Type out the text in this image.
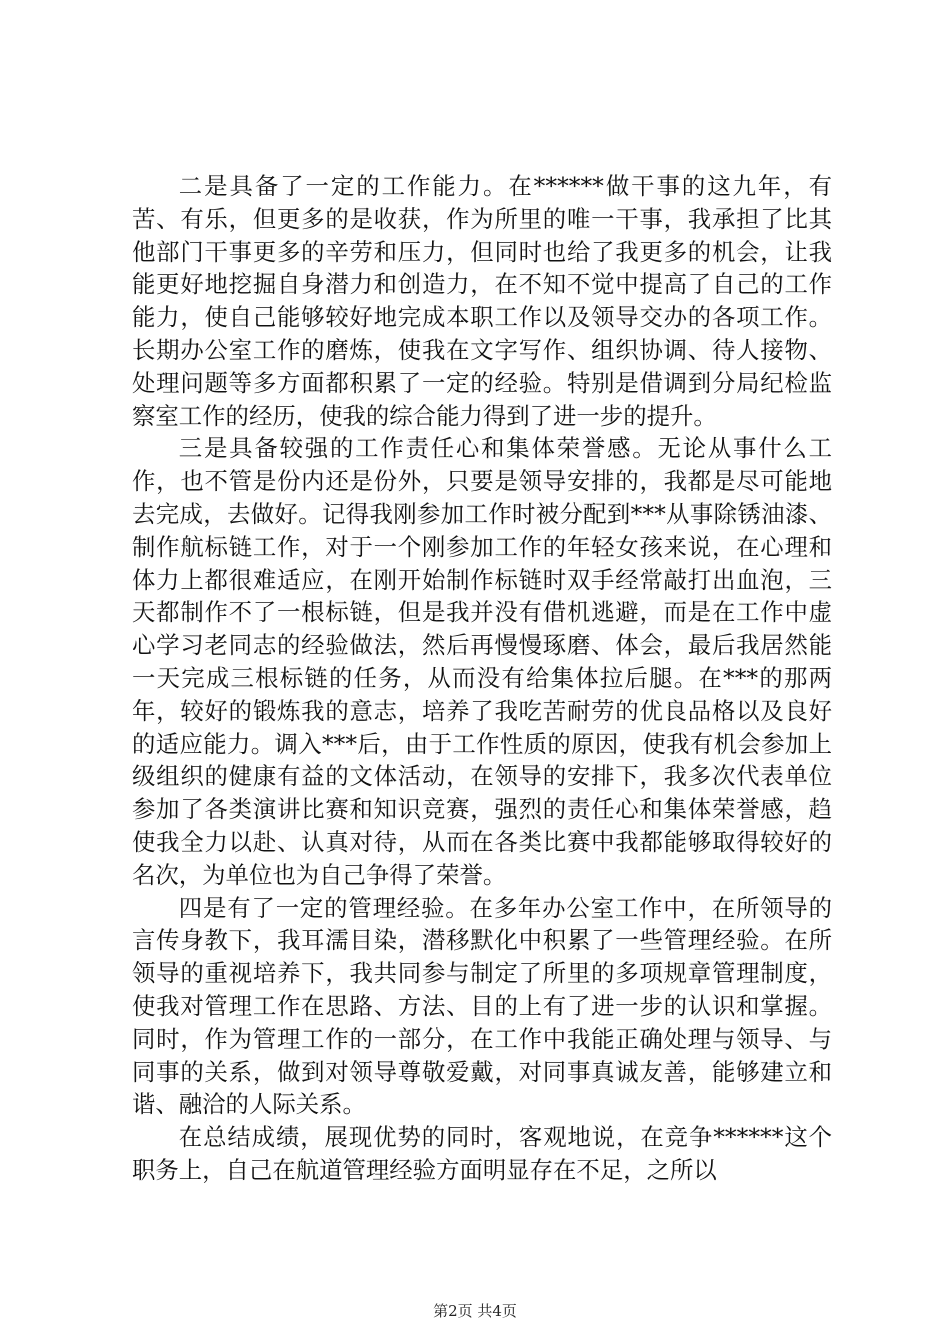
二是具备了一定的工作能力。在******做干事的这九年，有苦、有乐，但更多的是收获，作为所里的唯一干事，我承担了比其他部门干事更多的辛劳和压力，但同时也给了我更多的机会，让我能更好地挖掘自身潜力和创造力，在不知不觉中提高了自己的工作能力，使自己能够较好地完成本职工作以及领导交办的各项工作。长期办公室工作的磨炼，使我在文字写作、组织协调、待人接物、处理问题等多方面都积累了一定的经验。特别是借调到分局纪检监察室工作的经历，使我的综合能力得到了进一步的提升。

三是具备较强的工作责任心和集体荣誉感。无论从事什么工作，也不管是份内还是份外，只要是领导安排的，我都是尽可能地去完成，去做好。记得我刚参加工作时被分配到***从事除锈油漆、制作航标链工作，对于一个刚参加工作的年轻女孩来说，在心理和体力上都很难适应，在刚开始制作标链时双手经常敲打出血泡，三天都制作不了一根标链，但是我并没有借机逃避，而是在工作中虚心学习老同志的经验做法，然后再慢慢琢磨、体会，最后我居然能一天完成三根标链的任务，从而没有给集体拉后腿。在***的那两年，较好的锻炼我的意志，培养了我吃苦耐劳的优良品格以及良好的适应能力。调入***后，由于工作性质的原因，使我有机会参加上级组织的健康有益的文体活动，在领导的安排下，我多次代表单位参加了各类演讲比赛和知识竞赛，强烈的责任心和集体荣誉感，趋使我全力以赴、认真对待，从而在各类比赛中我都能够取得较好的名次，为单位也为自己争得了荣誉。

四是有了一定的管理经验。在多年办公室工作中，在所领导的言传身教下，我耳濡目染，潜移默化中积累了一些管理经验。在所领导的重视培养下，我共同参与制定了所里的多项规章管理制度，使我对管理工作在思路、方法、目的上有了进一步的认识和掌握。同时，作为管理工作的一部分，在工作中我能正确处理与领导、与同事的关系，做到对领导尊敬爱戴，对同事真诚友善，能够建立和谐、融洽的人际关系。

在总结成绩，展现优势的同时，客观地说，在竞争******这个职务上，自己在航道管理经验方面明显存在不足，之所以

第2页 共4页
